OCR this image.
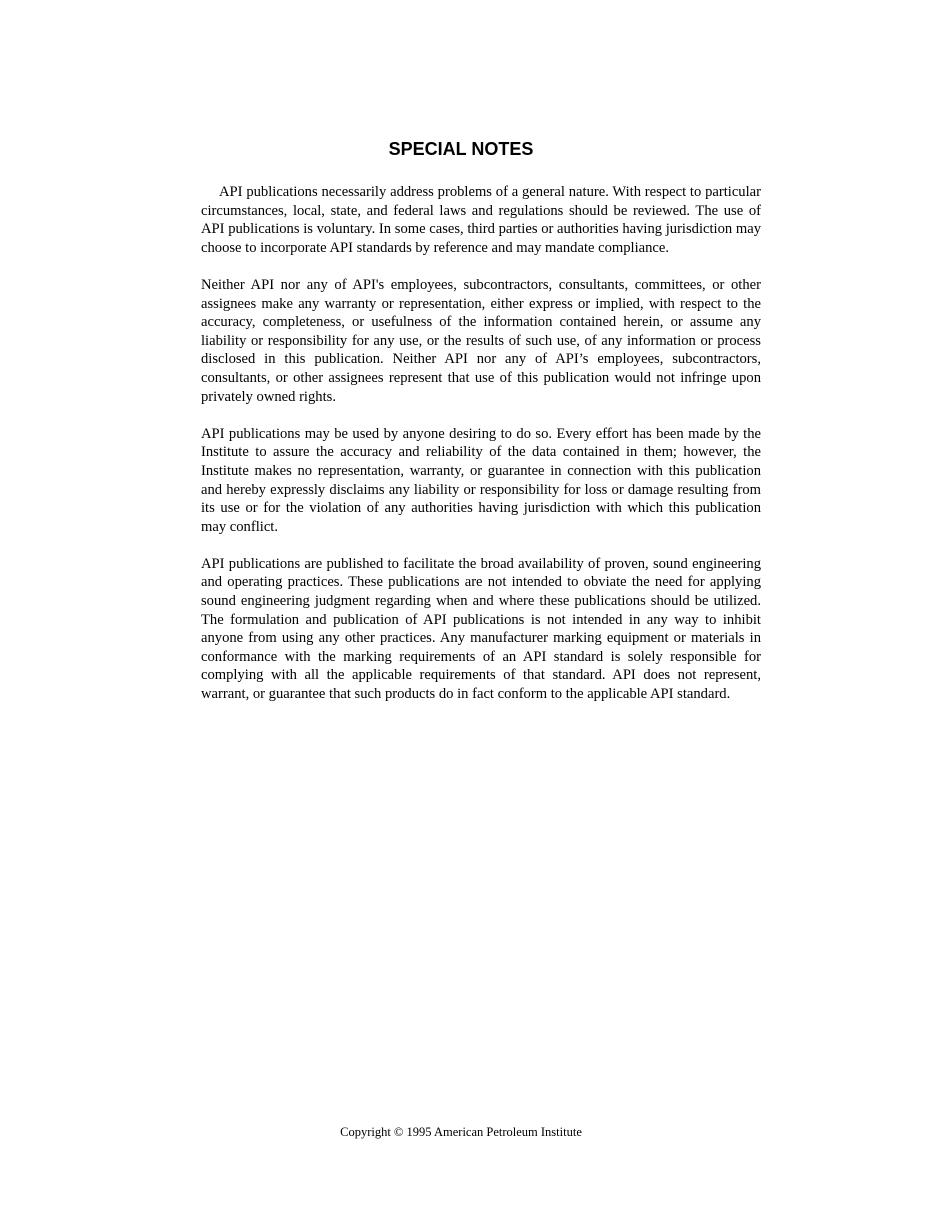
SPECIAL NOTES

API publications necessarily address problems of a general nature. With respect to particular circumstances, local, state, and federal laws and regulations should be reviewed. The use of API publications is voluntary. In some cases, third parties or authorities having jurisdiction may choose to incorporate API standards by reference and may mandate compliance.

Neither API nor any of API's employees, subcontractors, consultants, committees, or other assignees make any warranty or representation, either express or implied, with respect to the accuracy, completeness, or usefulness of the information contained herein, or assume any liability or responsibility for any use, or the results of such use, of any information or process disclosed in this publication. Neither API nor any of API’s employees, subcontractors, consultants, or other assignees represent that use of this publication would not infringe upon privately owned rights.

API publications may be used by anyone desiring to do so. Every effort has been made by the Institute to assure the accuracy and reliability of the data contained in them; however, the Institute makes no representation, warranty, or guarantee in connection with this publication and hereby expressly disclaims any liability or responsibility for loss or damage resulting from its use or for the violation of any authorities having jurisdiction with which this publication may conflict.

API publications are published to facilitate the broad availability of proven, sound engineering and operating practices. These publications are not intended to obviate the need for applying sound engineering judgment regarding when and where these publications should be utilized. The formulation and publication of API publications is not intended in any way to inhibit anyone from using any other practices. Any manufacturer marking equipment or materials in conformance with the marking requirements of an API standard is solely responsible for complying with all the applicable requirements of that standard. API does not represent, warrant, or guarantee that such products do in fact conform to the applicable API standard.

Copyright © 1995 American Petroleum Institute
